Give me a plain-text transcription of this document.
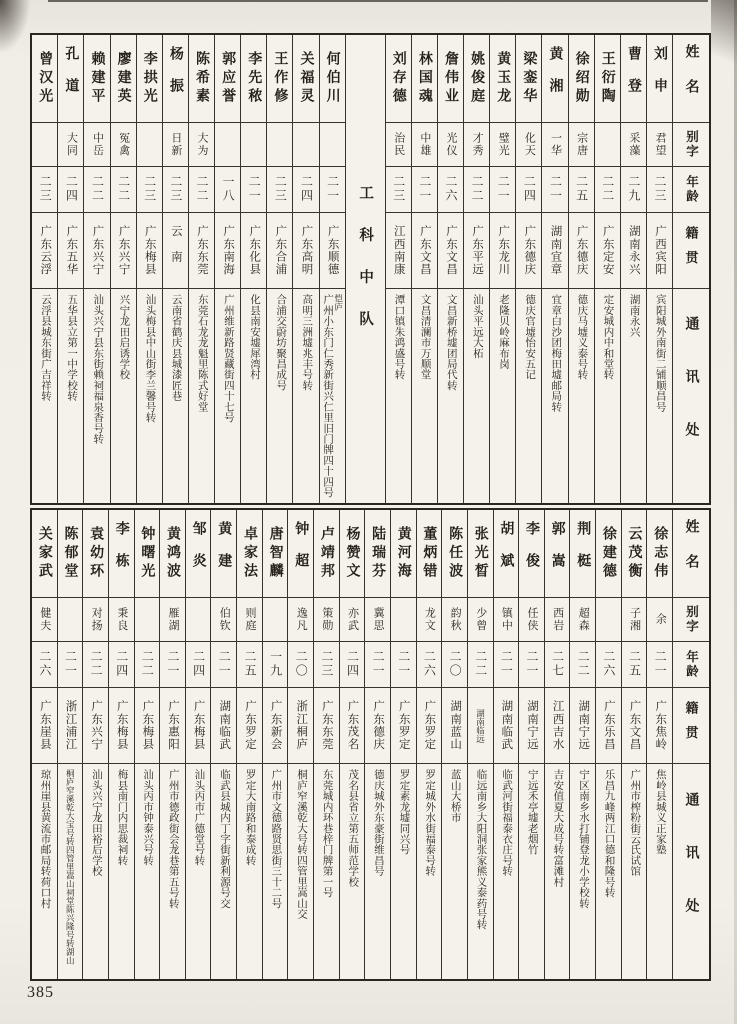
姓名
别字
年龄
籍贯
通讯处
刘申
君望
二三
广西宾阳
宾阳城外南街二铺顺昌号
曹登
采藻
二九
湖南永兴
湖南永兴
王衍陶
二二
广东定安
定安城内中和堂转
徐绍勋
宗唐
二五
广东德庆
德庆马墟义泰号转
黄湘
一华
二一
湖南宜章
宜章白沙团梅田墟邮局转
梁銮华
化天
二四
广东德庆
德庆官墟怡安五记
黄玉龙
璧光
二一
广东龙川
老隆贝岭麻布岗
姚俊庭
才秀
二二
广东平远
汕头平远大柘
詹伟业
光仪
二六
广东文昌
文昌新桥墟团局代转
林国魂
中雄
二一
广东文昌
文昌清澜市万顺堂
刘存德
治民
二三
江西南康
潭口镇朱鸿盛号转
工科中队
何伯川
二一
广东顺德
广州小东门仁秀新街兴仁里旧门牌四十四号 恺庐
关福灵
二四
广东高明
高明三洲墟兆丰号转
王作修
二三
广东合浦
合浦交蔚坊聚昌成号
李先秾
二一
广东化县
化县南安墟犀湾村
郭应誉
一八
广东南海
广州维新路贤藏街四十七号
陈希素
大为
二二
广东东莞
东莞石龙龙魁里陈式好堂
杨振
日新
二三
云南
云南省鹤庆县城漆匠巷
李拱光
二三
广东梅县
汕头梅县中山街李兰馨号转
廖建英
冤禽
二二
广东兴宁
兴宁龙田启诱学校
赖建平
中岳
二二
广东兴宁
汕头兴宁县东街赖祠福泉香号转
孔道
大同
二四
广东五华
五华县立第一中学校转
曾汉光
二三
广东云浮
云浮县城东街广吉祥转
姓名
别字
年龄
籍贯
通讯处
徐志伟
余
二一
广东焦岭
焦岭县城义正家塾
云茂衡
子湘
二五
广东文昌
广州市榨粉街云氏试馆
徐建德
二六
广东乐昌
乐昌九峰两江口德和隆号转
荆梃
超森
二二
湖南宁远
宁区南乡水打铺登龙小学校转
郭嵩
西岩
二七
江西吉水
吉安值夏大成号转富滩村
李俊
任侠
二一
湖南宁远
宁远禾亭墟老烟竹
胡斌
镇中
二一
湖南临武
临武河街福泰衣庄号转
张光晳
少曾
二二
湖南临远
临远南乡大阳洞张家熊义泰药号转
陈任波
韵秋
二〇
湖南蓝山
蓝山大桥市
董炳错
龙文
二六
广东罗定
罗定城外水街福泰号转
黄河海
二一
广东罗定
罗定素龙墟同兴号
陆瑞芬
冀思
二一
广东德庆
德庆城外东豪街维昌号
杨赞文
亦武
二四
广东茂名
茂名县省立第五师范学校
卢靖邦
策勋
二三
广东东莞
东莞城内环巷梓门牌第一号
钟超
逸凡
二〇
浙江桐庐
桐庐窄溪乾大号转四管里嵩山交
唐智麟
一九
广东新会
广州市文德路贤思街三十二号
卓家法
则庭
二五
广东罗定
罗定大南路和泰成转
黄建
伯钦
二一
湖南临武
临武县城内丁字街新利源号交
邹炎
二四
广东梅县
汕头丙市广德堂号转
黄鸿波
雁湖
二一
广东惠阳
广州市德政街会龙巷第五号转
钟曙光
二二
广东梅县
汕头丙市钟泰兴号转
李栋
秉良
二四
广东梅县
梅县南门内思裁祠转
袁幼环
对扬
二二
广东兴宁
汕头兴宁龙田裕后学校
陈郁堂
二一
浙江浦江
桐庐窄溪乾大宝号转四管里嵩山祠堂陈兴隆号转湖山
关家武
健夫
二六
广东崖县
琼州崖县黄流市邮局转荷口村
385
